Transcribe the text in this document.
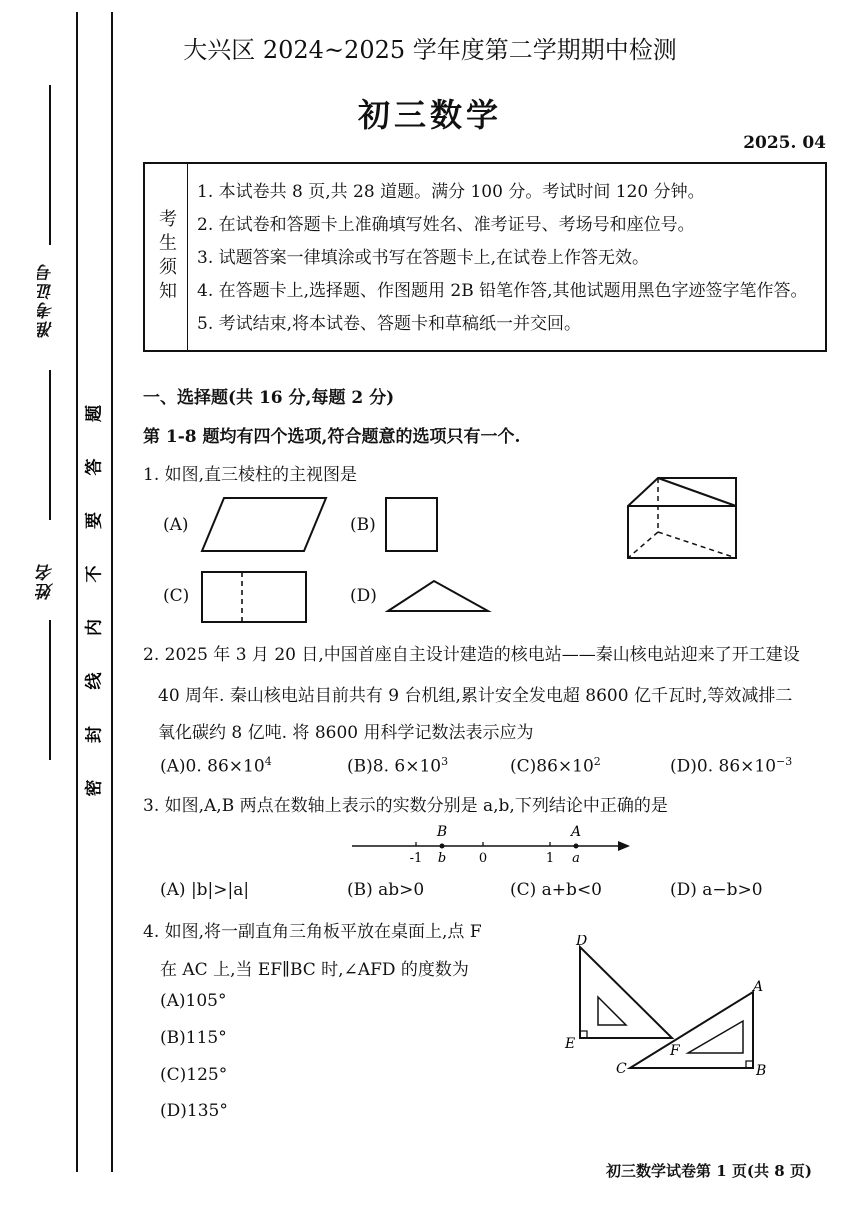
准考证号
姓名
密
封
线
内
不
要
答
题
大兴区 2024~2025 学年度第二学期期中检测
初三数学
2025. 04
考生须知
1. 本试卷共 8 页,共 28 道题。满分 100 分。考试时间 120 分钟。
2. 在试卷和答题卡上准确填写姓名、准考证号、考场号和座位号。
3. 试题答案一律填涂或书写在答题卡上,在试卷上作答无效。
4. 在答题卡上,选择题、作图题用 2B 铅笔作答,其他试题用黑色字迹签字笔作答。
5. 考试结束,将本试卷、答题卡和草稿纸一并交回。
一、选择题(共 16 分,每题 2 分)
第 1-8 题均有四个选项,符合题意的选项只有一个.
1. 如图,直三棱柱的主视图是
(A)	(B)
(C)	(D)
2. 2025 年 3 月 20 日,中国首座自主设计建造的核电站——秦山核电站迎来了开工建设
40 周年. 秦山核电站目前共有 9 台机组,累计安全发电超 8600 亿千瓦时,等效减排二
氧化碳约 8 亿吨. 将 8600 用科学记数法表示应为
(A)0. $86\times 10^4$	(B)8. $6\times 10^3$	$(C)86\times 10^2$	(D)0. $86\times 10^{-3}$
3. 如图,A,B 两点在数轴上表示的实数分别是 a,b,下列结论中正确的是
B	A
-1 b	0	1 a
(A) |b|>|a|	(B) ab>0	(C) a+b<0	(D) a−b>0
4. 如图,将一副直角三角板平放在桌面上,点 F
在 AC 上,当 EF∥BC 时,∠AFD 的度数为
(A)105°
(B)115°
(C)125°
(D)135°
D
A
E	F
C	B
初三数学试卷第 1 页(共 8 页)
